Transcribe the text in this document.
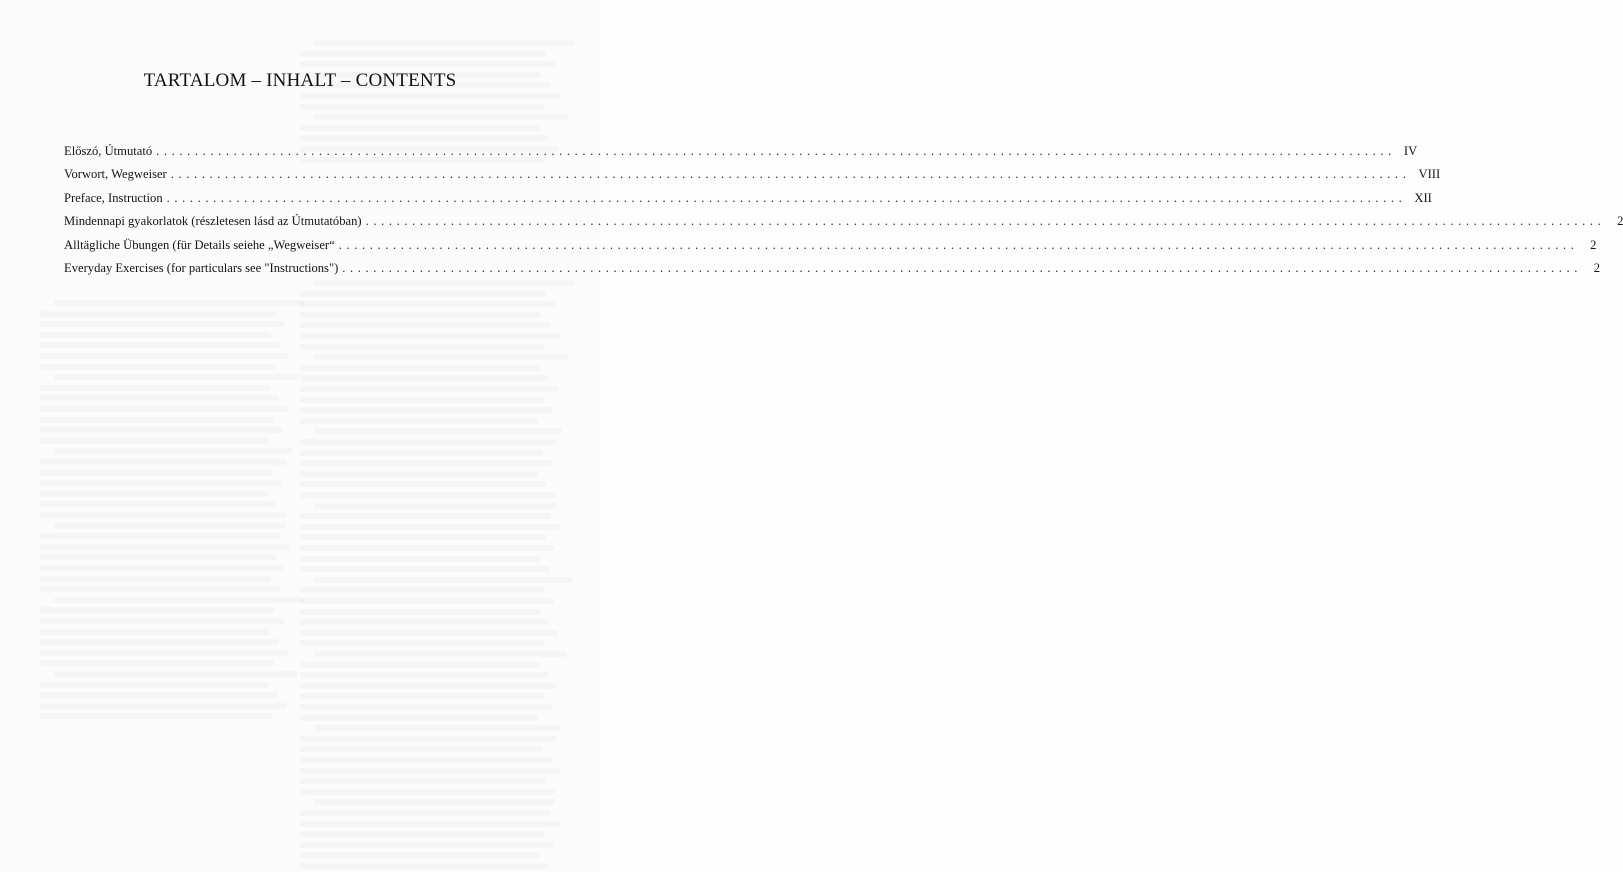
TARTALOM – INHALT – CONTENTS
Előszó, Útmutató ................................................................................................................................................................ IV
Vorwort, Wegweiser ................................................................................................................................................................ VIII
Preface, Instruction ................................................................................................................................................................ XII
Mindennapi gyakorlatok (részletesen lásd az Útmutatóban) ................................................................................................................................................................ 2
Alltägliche Übungen (für Details seiehe „Wegweiser“ ................................................................................................................................................................ 2
Everyday Exercises (for particulars see "Instructions") ................................................................................................................................................................ 2
